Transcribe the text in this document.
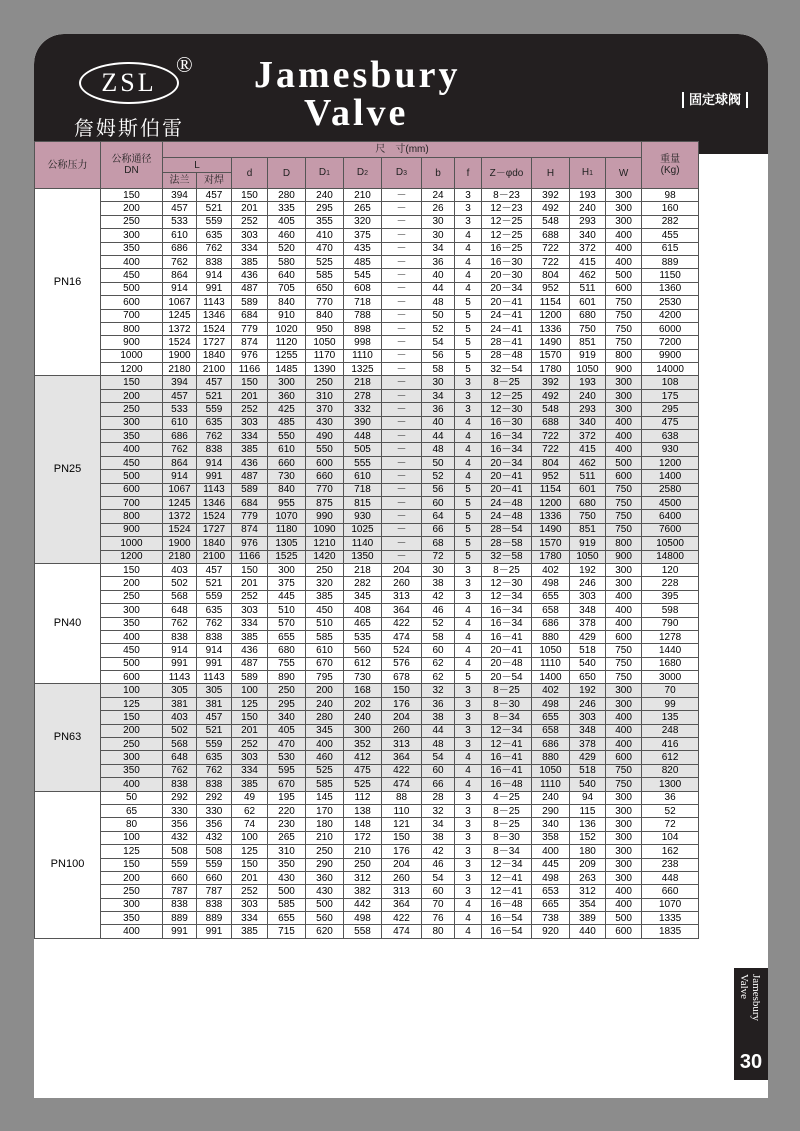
ZSL
®
詹姆斯伯雷
Jamesbury
Valve	固定球阀
公称压力	公称通径
DN	尺　寸(mm)													重量
(Kg)
		L		d	D	D1	D2	D3	b	f	Z－φdo	H	H1	W	
		法兰	对焊												
PN16	150	394	457	150	280	240	210	－	24	3	8－23	392	193	300	98
	200	457	521	201	335	295	265	－	26	3	12－23	492	240	300	160
	250	533	559	252	405	355	320	－	30	3	12－25	548	293	300	282
	300	610	635	303	460	410	375	－	30	4	12－25	688	340	400	455
	350	686	762	334	520	470	435	－	34	4	16－25	722	372	400	615
	400	762	838	385	580	525	485	－	36	4	16－30	722	415	400	889
	450	864	914	436	640	585	545	－	40	4	20－30	804	462	500	1150
	500	914	991	487	705	650	608	－	44	4	20－34	952	511	600	1360
	600	1067	1143	589	840	770	718	－	48	5	20－41	1154	601	750	2530
	700	1245	1346	684	910	840	788	－	50	5	24－41	1200	680	750	4200
	800	1372	1524	779	1020	950	898	－	52	5	24－41	1336	750	750	6000
	900	1524	1727	874	1120	1050	998	－	54	5	28－41	1490	851	750	7200
	1000	1900	1840	976	1255	1170	1110	－	56	5	28－48	1570	919	800	9900
	1200	2180	2100	1166	1485	1390	1325	－	58	5	32－54	1780	1050	900	14000
PN25	150	394	457	150	300	250	218	－	30	3	8－25	392	193	300	108
	200	457	521	201	360	310	278	－	34	3	12－25	492	240	300	175
	250	533	559	252	425	370	332	－	36	3	12－30	548	293	300	295
	300	610	635	303	485	430	390	－	40	4	16－30	688	340	400	475
	350	686	762	334	550	490	448	－	44	4	16－34	722	372	400	638
	400	762	838	385	610	550	505	－	48	4	16－34	722	415	400	930
	450	864	914	436	660	600	555	－	50	4	20－34	804	462	500	1200
	500	914	991	487	730	660	610	－	52	4	20－41	952	511	600	1400
	600	1067	1143	589	840	770	718	－	56	5	20－41	1154	601	750	2580
	700	1245	1346	684	955	875	815	－	60	5	24－48	1200	680	750	4500
	800	1372	1524	779	1070	990	930	－	64	5	24－48	1336	750	750	6400
	900	1524	1727	874	1180	1090	1025	－	66	5	28－54	1490	851	750	7600
	1000	1900	1840	976	1305	1210	1140	－	68	5	28－58	1570	919	800	10500
	1200	2180	2100	1166	1525	1420	1350	－	72	5	32－58	1780	1050	900	14800
PN40	150	403	457	150	300	250	218	204	30	3	8－25	402	192	300	120
	200	502	521	201	375	320	282	260	38	3	12－30	498	246	300	228
	250	568	559	252	445	385	345	313	42	3	12－34	655	303	400	395
	300	648	635	303	510	450	408	364	46	4	16－34	658	348	400	598
	350	762	762	334	570	510	465	422	52	4	16－34	686	378	400	790
	400	838	838	385	655	585	535	474	58	4	16－41	880	429	600	1278
	450	914	914	436	680	610	560	524	60	4	20－41	1050	518	750	1440
	500	991	991	487	755	670	612	576	62	4	20－48	1110	540	750	1680
	600	1143	1143	589	890	795	730	678	62	5	20－54	1400	650	750	3000
PN63	100	305	305	100	250	200	168	150	32	3	8－25	402	192	300	70
	125	381	381	125	295	240	202	176	36	3	8－30	498	246	300	99
	150	403	457	150	340	280	240	204	38	3	8－34	655	303	400	135
	200	502	521	201	405	345	300	260	44	3	12－34	658	348	400	248
	250	568	559	252	470	400	352	313	48	3	12－41	686	378	400	416
	300	648	635	303	530	460	412	364	54	4	16－41	880	429	600	612
	350	762	762	334	595	525	475	422	60	4	16－41	1050	518	750	820
	400	838	838	385	670	585	525	474	66	4	16－48	1110	540	750	1300
PN100	50	292	292	49	195	145	112	88	28	3	4－25	240	94	300	36
	65	330	330	62	220	170	138	110	32	3	8－25	290	115	300	52
	80	356	356	74	230	180	148	121	34	3	8－25	340	136	300	72
	100	432	432	100	265	210	172	150	38	3	8－30	358	152	300	104
	125	508	508	125	310	250	210	176	42	3	8－34	400	180	300	162
	150	559	559	150	350	290	250	204	46	3	12－34	445	209	300	238
	200	660	660	201	430	360	312	260	54	3	12－41	498	263	300	448
	250	787	787	252	500	430	382	313	60	3	12－41	653	312	400	660
	300	838	838	303	585	500	442	364	70	4	16－48	665	354	400	1070
	350	889	889	334	655	560	498	422	76	4	16－54	738	389	500	1335
	400	991	991	385	715	620	558	474	80	4	16－54	920	440	600	1835
Jamesbury
Valve
30
